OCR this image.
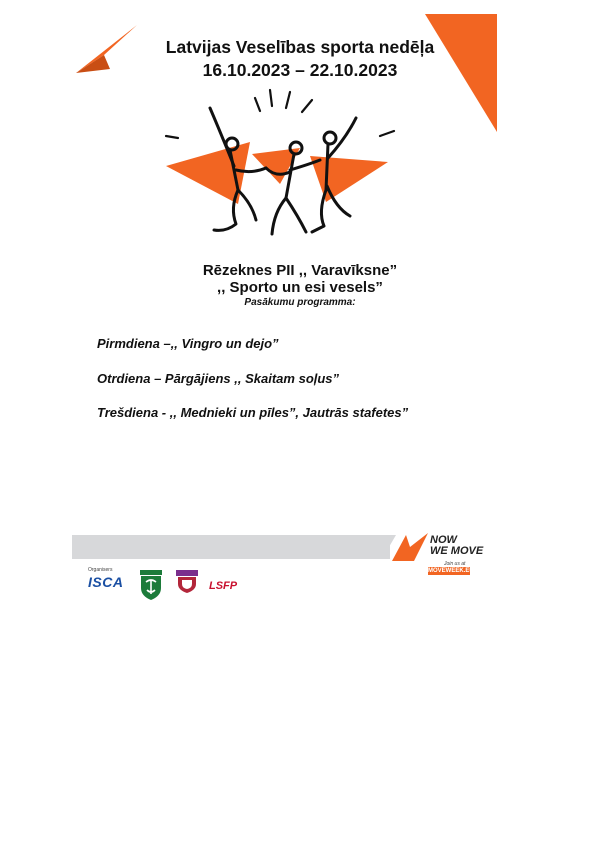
Latvijas Veselības sporta nedēļa
16.10.2023 – 22.10.2023
Rēzeknes PII ,, Varavīksne”
,, Sporto un esi vesels”
Pasākumu programma:
Pirmdiena –,, Vingro un dejo”
Otrdiena – Pārgājiens ,, Skaitam soļus”
Trešdiena - ,, Mednieki un pīles”, Jautrās stafetes”
NOW
WE MOVE
Join us at
MOVEWEEK.EU
Organisers
ISCA	LSFP
